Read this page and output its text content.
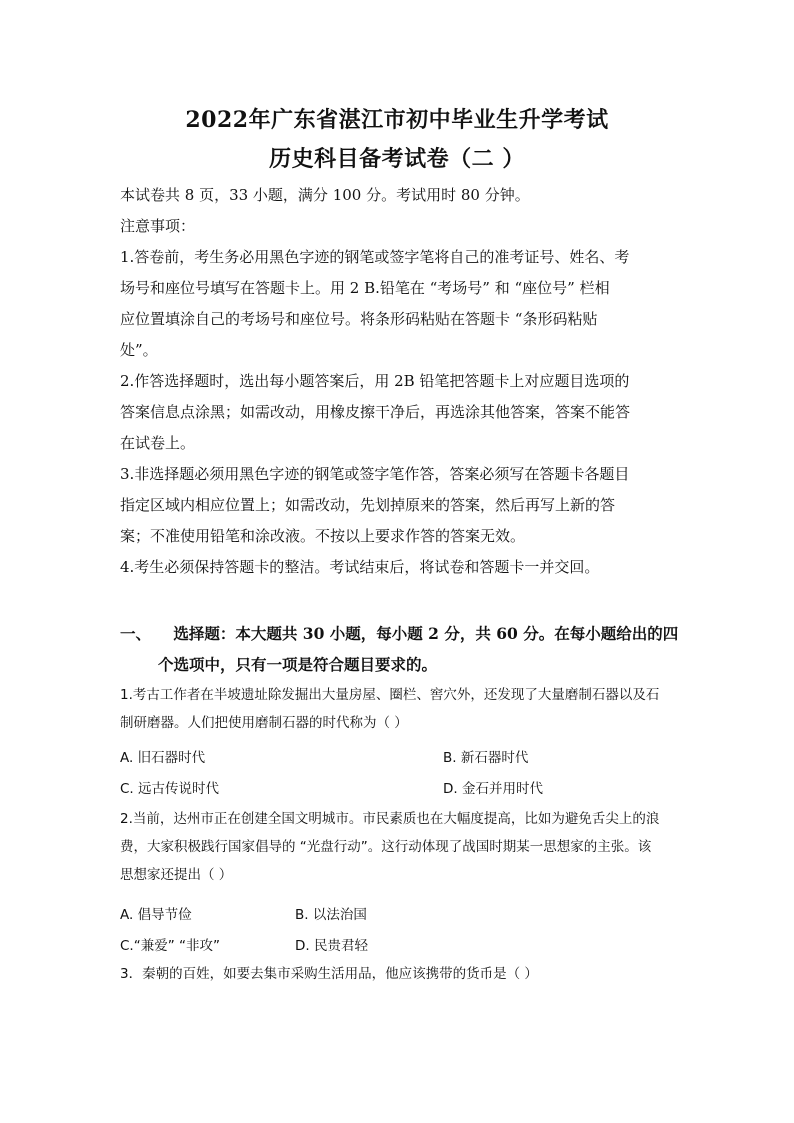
2022年广东省湛江市初中毕业生升学考试
历史科目备考试卷（二 ）
本试卷共 8 页，33 小题，满分 100 分。考试用时 80 分钟。
注意事项：
1.答卷前，考生务必用黑色字迹的钢笔或签字笔将自己的准考证号、姓名、考
场号和座位号填写在答题卡上。用 2 B.铅笔在 “考场号” 和 “座位号” 栏相
应位置填涂自己的考场号和座位号。将条形码粘贴在答题卡 “条形码粘贴
处”。
2.作答选择题时，选出每小题答案后，用 2B 铅笔把答题卡上对应题目选项的
答案信息点涂黑；如需改动，用橡皮擦干净后，再选涂其他答案，答案不能答
在试卷上。
3.非选择题必须用黑色字迹的钢笔或签字笔作答，答案必须写在答题卡各题目
指定区域内相应位置上；如需改动，先划掉原来的答案，然后再写上新的答
案；不准使用铅笔和涂改液。不按以上要求作答的答案无效。
4.考生必须保持答题卡的整洁。考试结束后，将试卷和答题卡一并交回。
一、 选择题：本大题共 30 小题，每小题 2 分，共 60 分。在每小题给出的四
个选项中，只有一项是符合题目要求的。
1.考古工作者在半坡遗址除发掘出大量房屋、圈栏、窖穴外，还发现了大量磨制石器以及石
制研磨器。人们把使用磨制石器的时代称为（ ）
A. 旧石器时代	B. 新石器时代
C. 远古传说时代	D. 金石并用时代
2.当前，达州市正在创建全国文明城市。市民素质也在大幅度提高，比如为避免舌尖上的浪
费，大家积极践行国家倡导的 “光盘行动”。这行动体现了战国时期某一思想家的主张。该
思想家还提出（ ）
A. 倡导节俭	B. 以法治国
C.“兼爱” “非攻”	D. 民贵君轻
3．秦朝的百姓，如要去集市采购生活用品，他应该携带的货币是（ ）
